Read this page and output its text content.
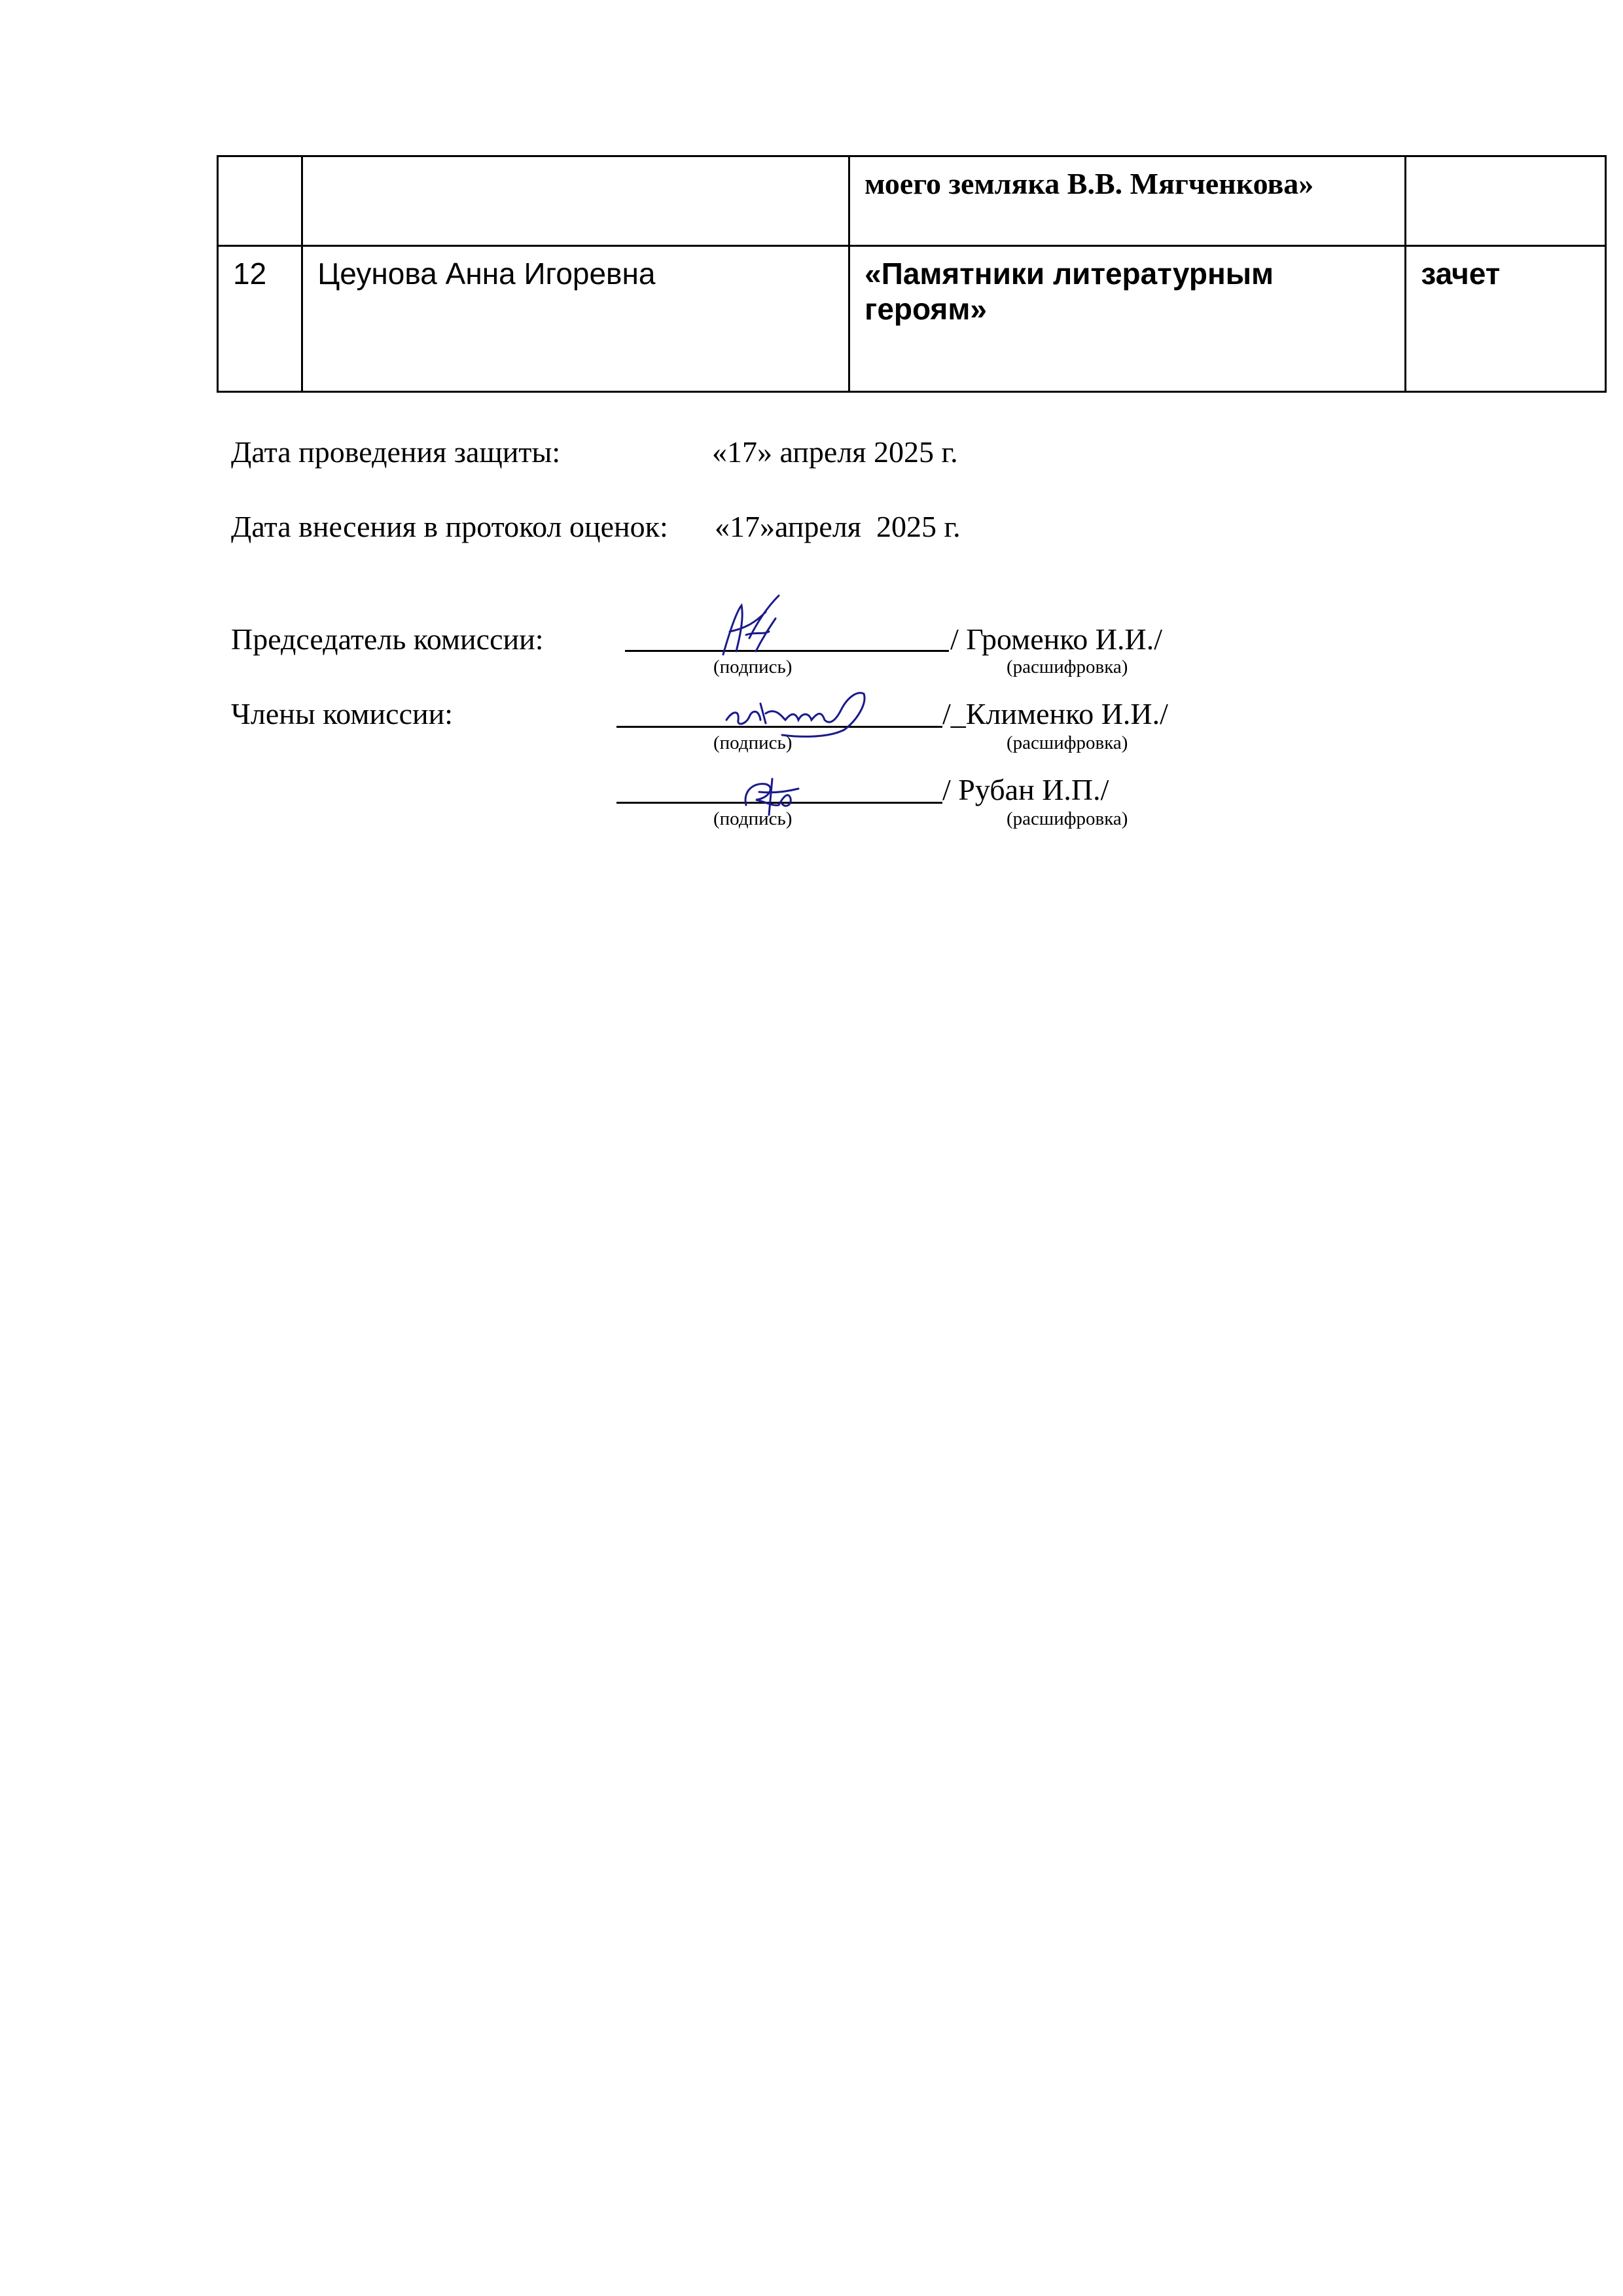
		моего земляка В.В. Мягченкова»	
12	Цеунова Анна Игоревна	«Памятники литературным
героям»	зачет
Дата проведения защиты:	«17» апреля 2025 г.
Дата внесения в протокол оценок: «17»апреля  2025 г.
Председатель комиссии:
(подпись)	(расшифровка)
/ Громенко И.И./
Члены комиссии:
(подпись)	(расшифровка)
/_Клименко И.И./
(подпись)	(расшифровка)
/ Рубан И.П./
